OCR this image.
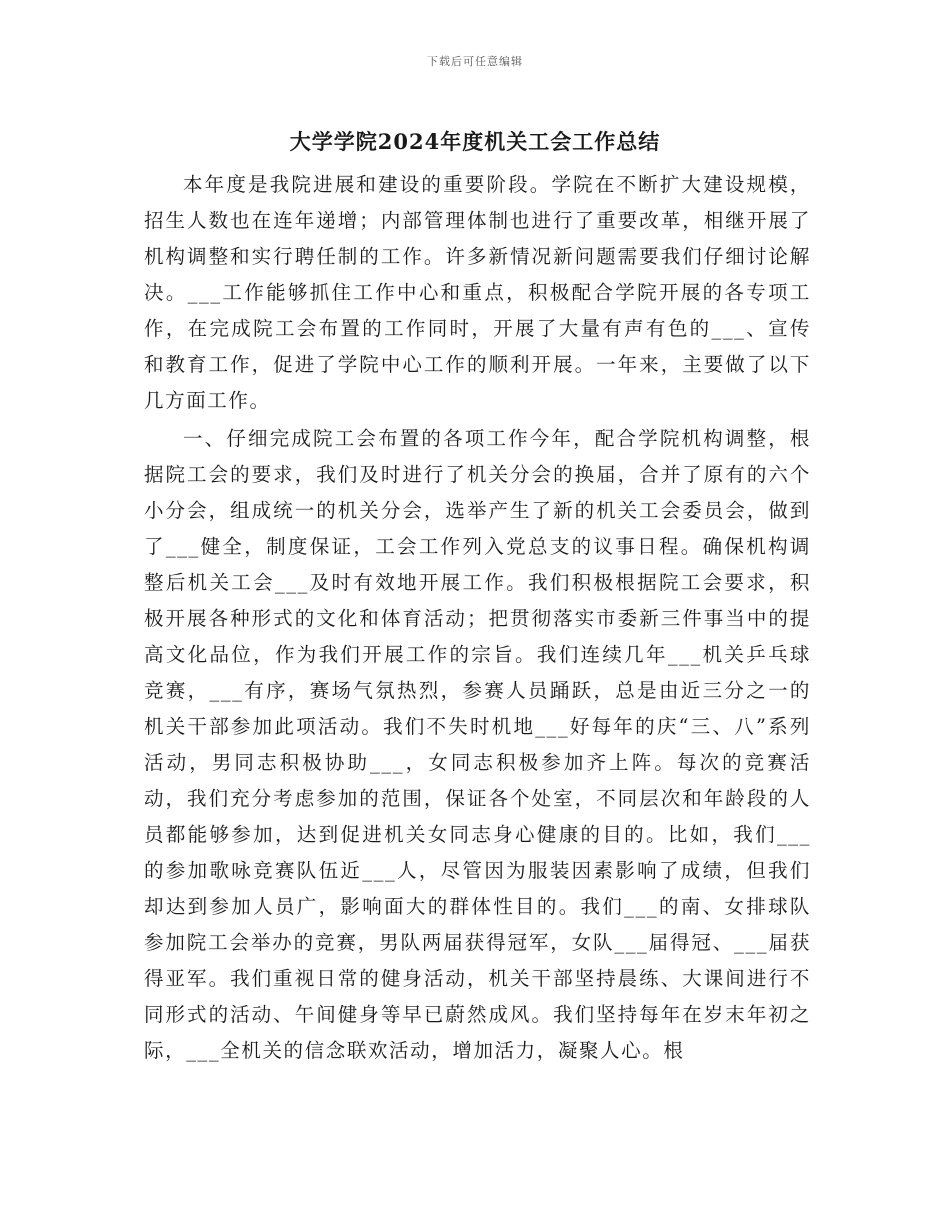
下载后可任意编辑
大学学院2024年度机关工会工作总结

本年度是我院进展和建设的重要阶段。学院在不断扩大建设规模，招生人数也在连年递增；内部管理体制也进行了重要改革，相继开展了机构调整和实行聘任制的工作。许多新情况新问题需要我们仔细讨论解决。___工作能够抓住工作中心和重点，积极配合学院开展的各专项工作，在完成院工会布置的工作同时，开展了大量有声有色的___、宣传和教育工作，促进了学院中心工作的顺利开展。一年来，主要做了以下几方面工作。

一、仔细完成院工会布置的各项工作今年，配合学院机构调整，根据院工会的要求，我们及时进行了机关分会的换届，合并了原有的六个小分会，组成统一的机关分会，选举产生了新的机关工会委员会，做到了___健全，制度保证，工会工作列入党总支的议事日程。确保机构调整后机关工会___及时有效地开展工作。我们积极根据院工会要求，积极开展各种形式的文化和体育活动；把贯彻落实市委新三件事当中的提高文化品位，作为我们开展工作的宗旨。我们连续几年___机关乒乓球竞赛，___有序，赛场气氛热烈，参赛人员踊跃，总是由近三分之一的机关干部参加此项活动。我们不失时机地___好每年的庆“三、八”系列活动，男同志积极协助___，女同志积极参加齐上阵。每次的竞赛活动，我们充分考虑参加的范围，保证各个处室，不同层次和年龄段的人员都能够参加，达到促进机关女同志身心健康的目的。比如，我们___的参加歌咏竞赛队伍近___人，尽管因为服装因素影响了成绩，但我们却达到参加人员广，影响面大的群体性目的。我们___的南、女排球队参加院工会举办的竞赛，男队两届获得冠军，女队___届得冠、___届获得亚军。我们重视日常的健身活动，机关干部坚持晨练、大课间进行不同形式的活动、午间健身等早已蔚然成风。我们坚持每年在岁末年初之际，___全机关的信念联欢活动，增加活力，凝聚人心。根
